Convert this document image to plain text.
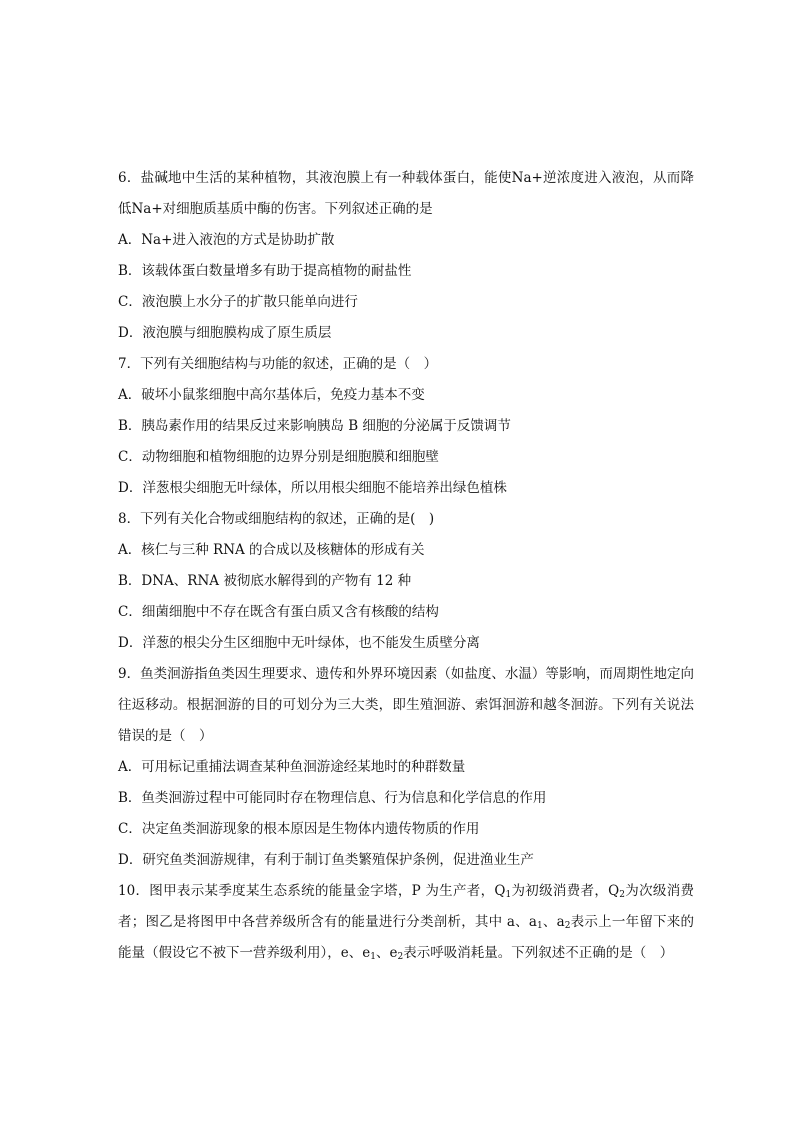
6．盐碱地中生活的某种植物，其液泡膜上有一种载体蛋白，能使Na+逆浓度进入液泡，从而降低Na+对细胞质基质中酶的伤害。下列叙述正确的是
A．Na+进入液泡的方式是协助扩散
B．该载体蛋白数量增多有助于提高植物的耐盐性
C．液泡膜上水分子的扩散只能单向进行
D．液泡膜与细胞膜构成了原生质层
7．下列有关细胞结构与功能的叙述，正确的是（　）
A．破坏小鼠浆细胞中高尔基体后，免疫力基本不变
B．胰岛素作用的结果反过来影响胰岛 B 细胞的分泌属于反馈调节
C．动物细胞和植物细胞的边界分别是细胞膜和细胞壁
D．洋葱根尖细胞无叶绿体，所以用根尖细胞不能培养出绿色植株
8．下列有关化合物或细胞结构的叙述，正确的是(　)
A．核仁与三种 RNA 的合成以及核糖体的形成有关
B．DNA、RNA 被彻底水解得到的产物有 12 种
C．细菌细胞中不存在既含有蛋白质又含有核酸的结构
D．洋葱的根尖分生区细胞中无叶绿体，也不能发生质壁分离
9．鱼类洄游指鱼类因生理要求、遗传和外界环境因素（如盐度、水温）等影响，而周期性地定向往返移动。根据洄游的目的可划分为三大类，即生殖洄游、索饵洄游和越冬洄游。下列有关说法错误的是（　）
A．可用标记重捕法调查某种鱼洄游途经某地时的种群数量
B．鱼类洄游过程中可能同时存在物理信息、行为信息和化学信息的作用
C．决定鱼类洄游现象的根本原因是生物体内遗传物质的作用
D．研究鱼类洄游规律，有利于制订鱼类繁殖保护条例，促进渔业生产
10．图甲表示某季度某生态系统的能量金字塔，P 为生产者，$Q_1$为初级消费者，$Q_2$为次级消费者；图乙是将图甲中各营养级所含有的能量进行分类剖析，其中 a、$a_1$、$a_2$表示上一年留下来的能量（假设它不被下一营养级利用），e、$e_1$、$e_2$表示呼吸消耗量。下列叙述不正确的是（　）
